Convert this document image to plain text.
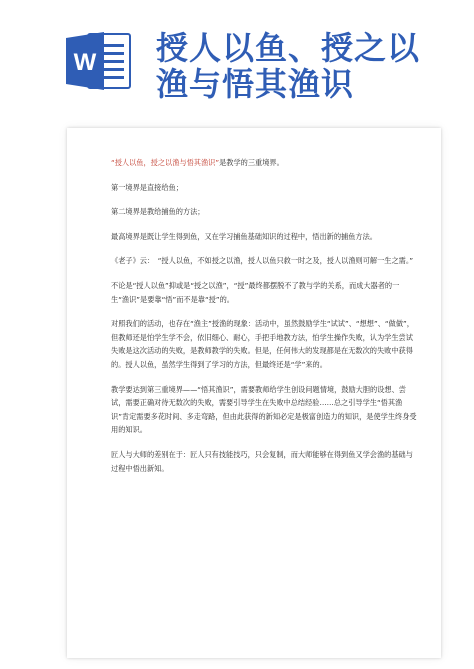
W 授人以鱼、授之以
渔与悟其渔识

“授人以鱼，授之以渔与悟其渔识”是教学的三重境界。

第一境界是直接给鱼；

第二境界是教给捕鱼的方法；

最高境界是既让学生得到鱼，又在学习捕鱼基础知识的过程中，悟出新的捕鱼方法。

《老子》云：　“授人以鱼，不如授之以渔，授人以鱼只救一时之及，授人以渔则可解一生之需。”

不论是“授人以鱼”抑或是“授之以渔”，“授”最终都摆脱不了教与学的关系，而成大器者的一生“渔识”是要靠“悟”而不是靠“授”的。

对照我们的活动，也存在“渔主”授渔的现象：活动中，虽然鼓励学生“试试”、“想想”、“做做”，但教师还是怕学生学不会，依旧细心、耐心，手把手地教方法，怕学生操作失败，认为学生尝试失败是这次活动的失败，是教师教学的失败。但是，任何伟大的发现都是在无数次的失败中获得的。授人以鱼，虽然学生得到了学习的方法，但最终还是“学”来的。

教学要达到第三重境界——“悟其渔识”，需要教师给学生创设问题情境，鼓励大胆的设想、尝试，需要正确对待无数次的失败，需要引导学生在失败中总结经验……总之引导学生“悟其渔识”肯定需要多花时间、多走弯路，但由此获得的新知必定是极富创造力的知识，是使学生终身受用的知识。

匠人与大师的差别在于：匠人只有技能技巧，只会复制，而大师能够在得到鱼又学会渔的基础与过程中悟出新知。
